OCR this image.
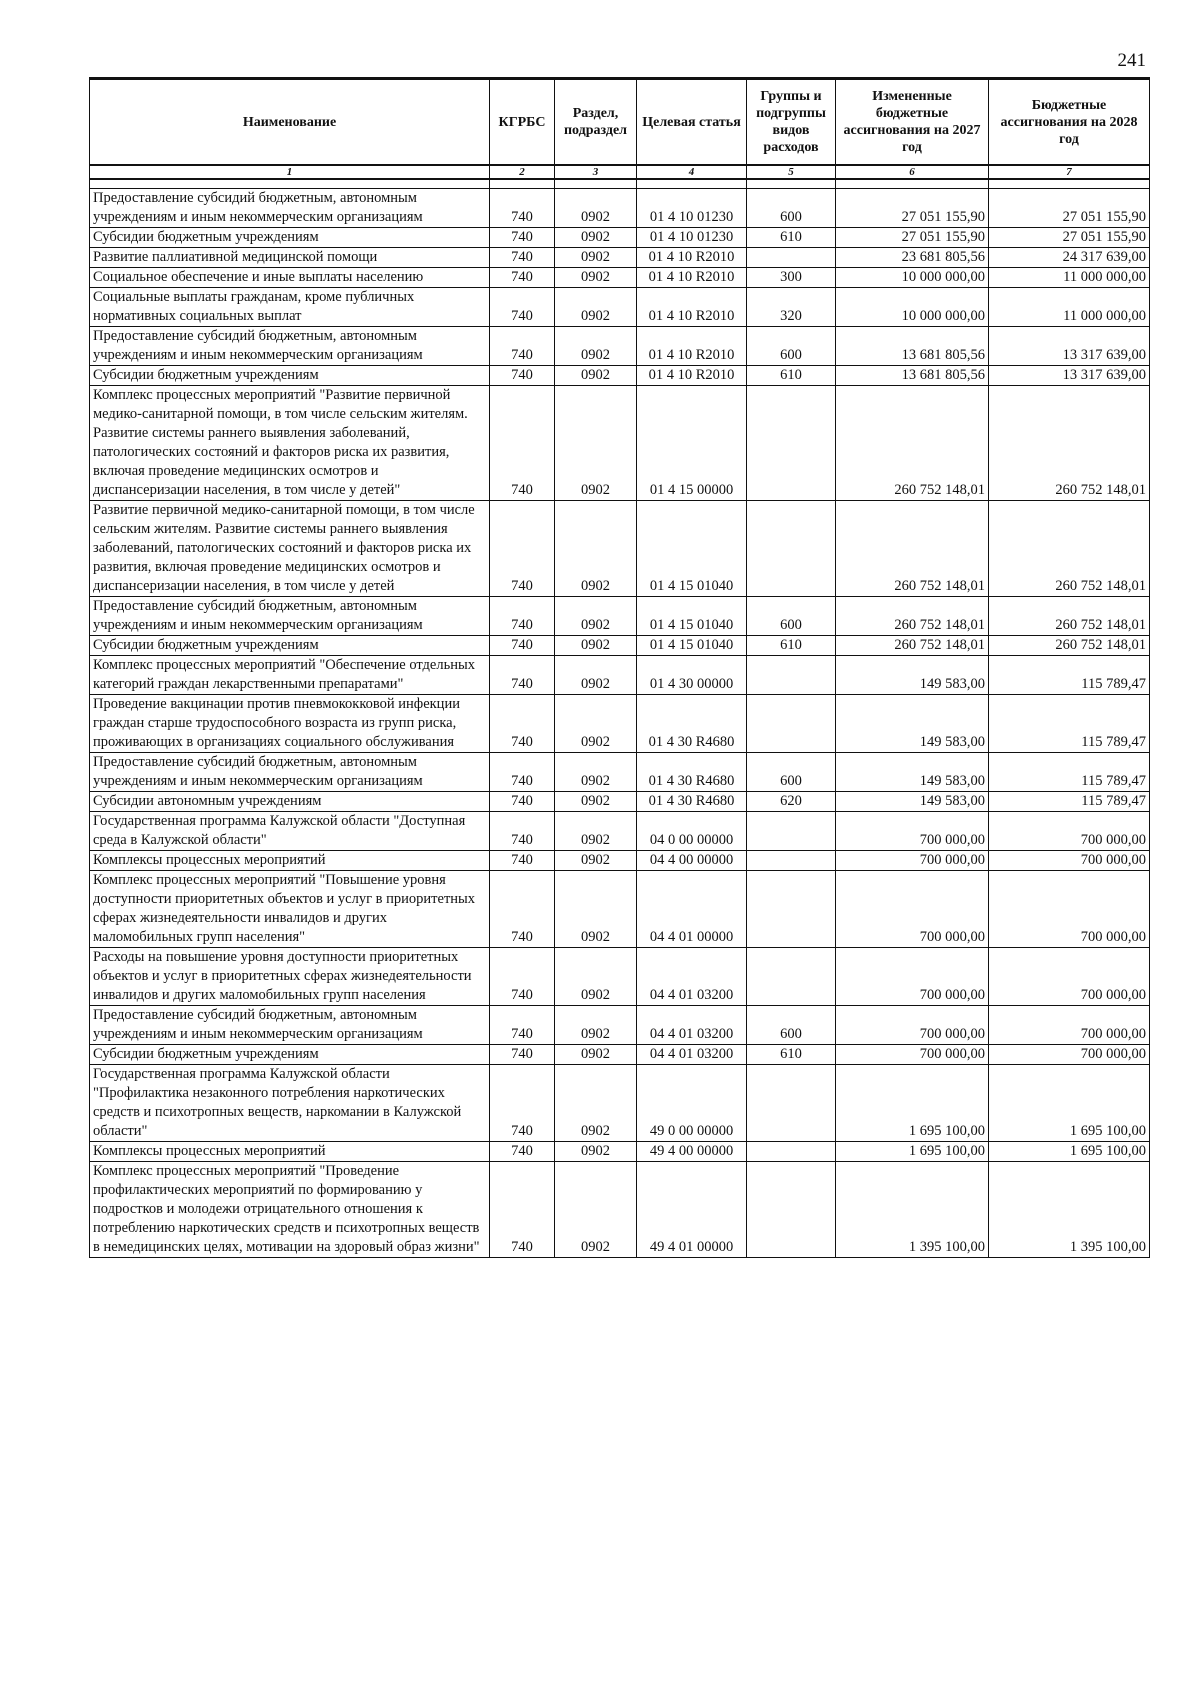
241
Наименование	КГРБС	Раздел, подраздел	Целевая статья	Группы и подгруппы видов расходов	Измененные бюджетные ассигнования на 2027 год	Бюджетные ассигнования на 2028 год
1	2	3	4	5	6	7

Предоставление субсидий бюджетным, автономным учреждениям и иным некоммерческим организациям	740	0902	01 4 10 01230	600	27 051 155,90	27 051 155,90
Субсидии бюджетным учреждениям	740	0902	01 4 10 01230	610	27 051 155,90	27 051 155,90
Развитие паллиативной медицинской помощи	740	0902	01 4 10 R2010		23 681 805,56	24 317 639,00
Социальное обеспечение и иные выплаты населению	740	0902	01 4 10 R2010	300	10 000 000,00	11 000 000,00
Социальные выплаты гражданам, кроме публичных нормативных социальных выплат	740	0902	01 4 10 R2010	320	10 000 000,00	11 000 000,00
Предоставление субсидий бюджетным, автономным учреждениям и иным некоммерческим организациям	740	0902	01 4 10 R2010	600	13 681 805,56	13 317 639,00
Субсидии бюджетным учреждениям	740	0902	01 4 10 R2010	610	13 681 805,56	13 317 639,00
Комплекс процессных мероприятий "Развитие первичной медико-санитарной помощи, в том числе сельским жителям. Развитие системы раннего выявления заболеваний, патологических состояний и факторов риска их развития, включая проведение медицинских осмотров и диспансеризации населения, в том числе у детей"	740	0902	01 4 15 00000		260 752 148,01	260 752 148,01
Развитие первичной медико-санитарной помощи, в том числе сельским жителям. Развитие системы раннего выявления заболеваний, патологических состояний и факторов риска их развития, включая проведение медицинских осмотров и диспансеризации населения, в том числе у детей	740	0902	01 4 15 01040		260 752 148,01	260 752 148,01
Предоставление субсидий бюджетным, автономным учреждениям и иным некоммерческим организациям	740	0902	01 4 15 01040	600	260 752 148,01	260 752 148,01
Субсидии бюджетным учреждениям	740	0902	01 4 15 01040	610	260 752 148,01	260 752 148,01
Комплекс процессных мероприятий "Обеспечение отдельных категорий граждан лекарственными препаратами"	740	0902	01 4 30 00000		149 583,00	115 789,47
Проведение вакцинации против пневмококковой инфекции граждан старше трудоспособного возраста из групп риска, проживающих в организациях социального обслуживания	740	0902	01 4 30 R4680		149 583,00	115 789,47
Предоставление субсидий бюджетным, автономным учреждениям и иным некоммерческим организациям	740	0902	01 4 30 R4680	600	149 583,00	115 789,47
Субсидии автономным учреждениям	740	0902	01 4 30 R4680	620	149 583,00	115 789,47
Государственная программа Калужской области "Доступная среда в Калужской области"	740	0902	04 0 00 00000		700 000,00	700 000,00
Комплексы процессных мероприятий	740	0902	04 4 00 00000		700 000,00	700 000,00
Комплекс процессных мероприятий "Повышение уровня доступности приоритетных объектов и услуг в приоритетных сферах жизнедеятельности инвалидов и других маломобильных групп населения"	740	0902	04 4 01 00000		700 000,00	700 000,00
Расходы на повышение уровня доступности приоритетных объектов и услуг в приоритетных сферах жизнедеятельности инвалидов и других маломобильных групп населения	740	0902	04 4 01 03200		700 000,00	700 000,00
Предоставление субсидий бюджетным, автономным учреждениям и иным некоммерческим организациям	740	0902	04 4 01 03200	600	700 000,00	700 000,00
Субсидии бюджетным учреждениям	740	0902	04 4 01 03200	610	700 000,00	700 000,00
Государственная программа Калужской области "Профилактика незаконного потребления наркотических средств и психотропных веществ, наркомании в Калужской области"	740	0902	49 0 00 00000		1 695 100,00	1 695 100,00
Комплексы процессных мероприятий	740	0902	49 4 00 00000		1 695 100,00	1 695 100,00
Комплекс процессных мероприятий "Проведение профилактических мероприятий по формированию у подростков и молодежи отрицательного отношения к потреблению наркотических средств и психотропных веществ в немедицинских целях, мотивации на здоровый образ жизни"	740	0902	49 4 01 00000		1 395 100,00	1 395 100,00
